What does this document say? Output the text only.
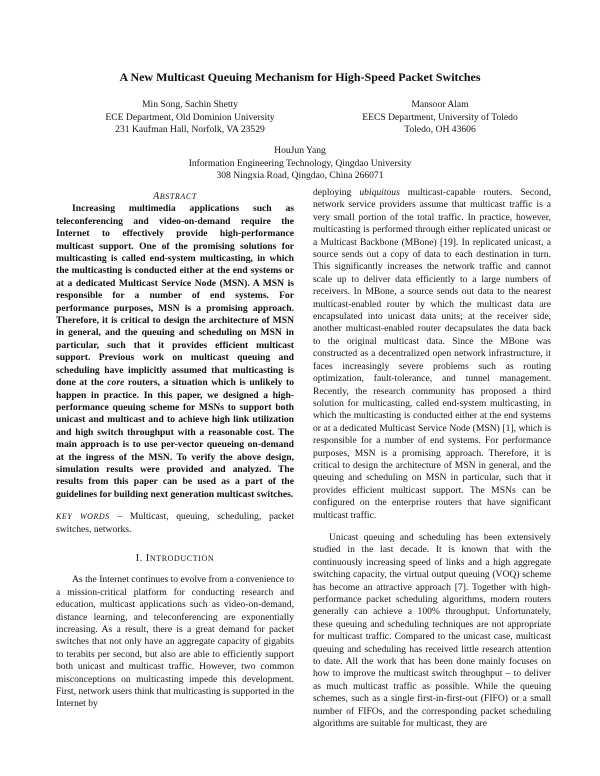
A New Multicast Queuing Mechanism for High-Speed Packet Switches
Min Song, Sachin Shetty
ECE Department, Old Dominion University
231 Kaufman Hall, Norfolk, VA 23529
Mansoor Alam
EECS Department, University of Toledo
Toledo, OH 43606
HouJun Yang
Information Engineering Technology, Qingdao University
308 Ningxia Road, Qingdao, China 266071

ABSTRACT

Increasing multimedia applications such as teleconferencing and video-on-demand require the Internet to effectively provide high-performance multicast support. One of the promising solutions for multicasting is called end-system multicasting, in which the multicasting is conducted either at the end systems or at a dedicated Multicast Service Node (MSN). A MSN is responsible for a number of end systems. For performance purposes, MSN is a promising approach. Therefore, it is critical to design the architecture of MSN in general, and the queuing and scheduling on MSN in particular, such that it provides efficient multicast support. Previous work on multicast queuing and scheduling have implicitly assumed that multicasting is done at the core routers, a situation which is unlikely to happen in practice. In this paper, we designed a high-performance queuing scheme for MSNs to support both unicast and multicast and to achieve high link utilization and high switch throughput with a reasonable cost. The main approach is to use per-vector queueing on-demand at the ingress of the MSN. To verify the above design, simulation results were provided and analyzed. The results from this paper can be used as a part of the guidelines for building next generation multicast switches.

KEY WORDS – Multicast, queuing, scheduling, packet switches, networks.

I. INTRODUCTION

As the Internet continues to evolve from a convenience to a mission-critical platform for conducting research and education, multicast applications such as video-on-demand, distance learning, and teleconferencing are exponentially increasing. As a result, there is a great demand for packet switches that not only have an aggregate capacity of gigabits to terabits per second, but also are able to efficiently support both unicast and multicast traffic. However, two common misconceptions on multicasting impede this development. First, network users think that multicasting is supported in the Internet by

deploying ubiquitous multicast-capable routers. Second, network service providers assume that multicast traffic is a very small portion of the total traffic. In practice, however, multicasting is performed through either replicated unicast or a Multicast Backbone (MBone) [19]. In replicated unicast, a source sends out a copy of data to each destination in turn. This significantly increases the network traffic and cannot scale up to deliver data efficiently to a large numbers of receivers. In MBone, a source sends out data to the nearest multicast-enabled router by which the multicast data are encapsulated into unicast data units; at the receiver side, another multicast-enabled router decapsulates the data back to the original multicast data. Since the MBone was constructed as a decentralized open network infrastructure, it faces increasingly severe problems such as routing optimization, fault-tolerance, and tunnel management. Recently, the research community has proposed a third solution for multicasting, called end-system multicasting, in which the multicasting is conducted either at the end systems or at a dedicated Multicast Service Node (MSN) [1], which is responsible for a number of end systems. For performance purposes, MSN is a promising approach. Therefore, it is critical to design the architecture of MSN in general, and the queuing and scheduling on MSN in particular, such that it provides efficient multicast support. The MSNs can be configured on the enterprise routers that have significant multicast traffic.

Unicast queuing and scheduling has been extensively studied in the last decade. It is known that with the continuously increasing speed of links and a high aggregate switching capacity, the virtual output queuing (VOQ) scheme has become an attractive approach [7]. Together with high-performance packet scheduling algorithms, modern routers generally can achieve a 100% throughput. Unfortunately, these queuing and scheduling techniques are not appropriate for multicast traffic. Compared to the unicast case, multicast queuing and scheduling has received little research attention to date. All the work that has been done mainly focuses on how to improve the multicast switch throughput – to deliver as much multicast traffic as possible. While the queuing schemes, such as a single first-in-first-out (FIFO) or a small number of FIFOs, and the corresponding packet scheduling algorithms are suitable for multicast, they are
